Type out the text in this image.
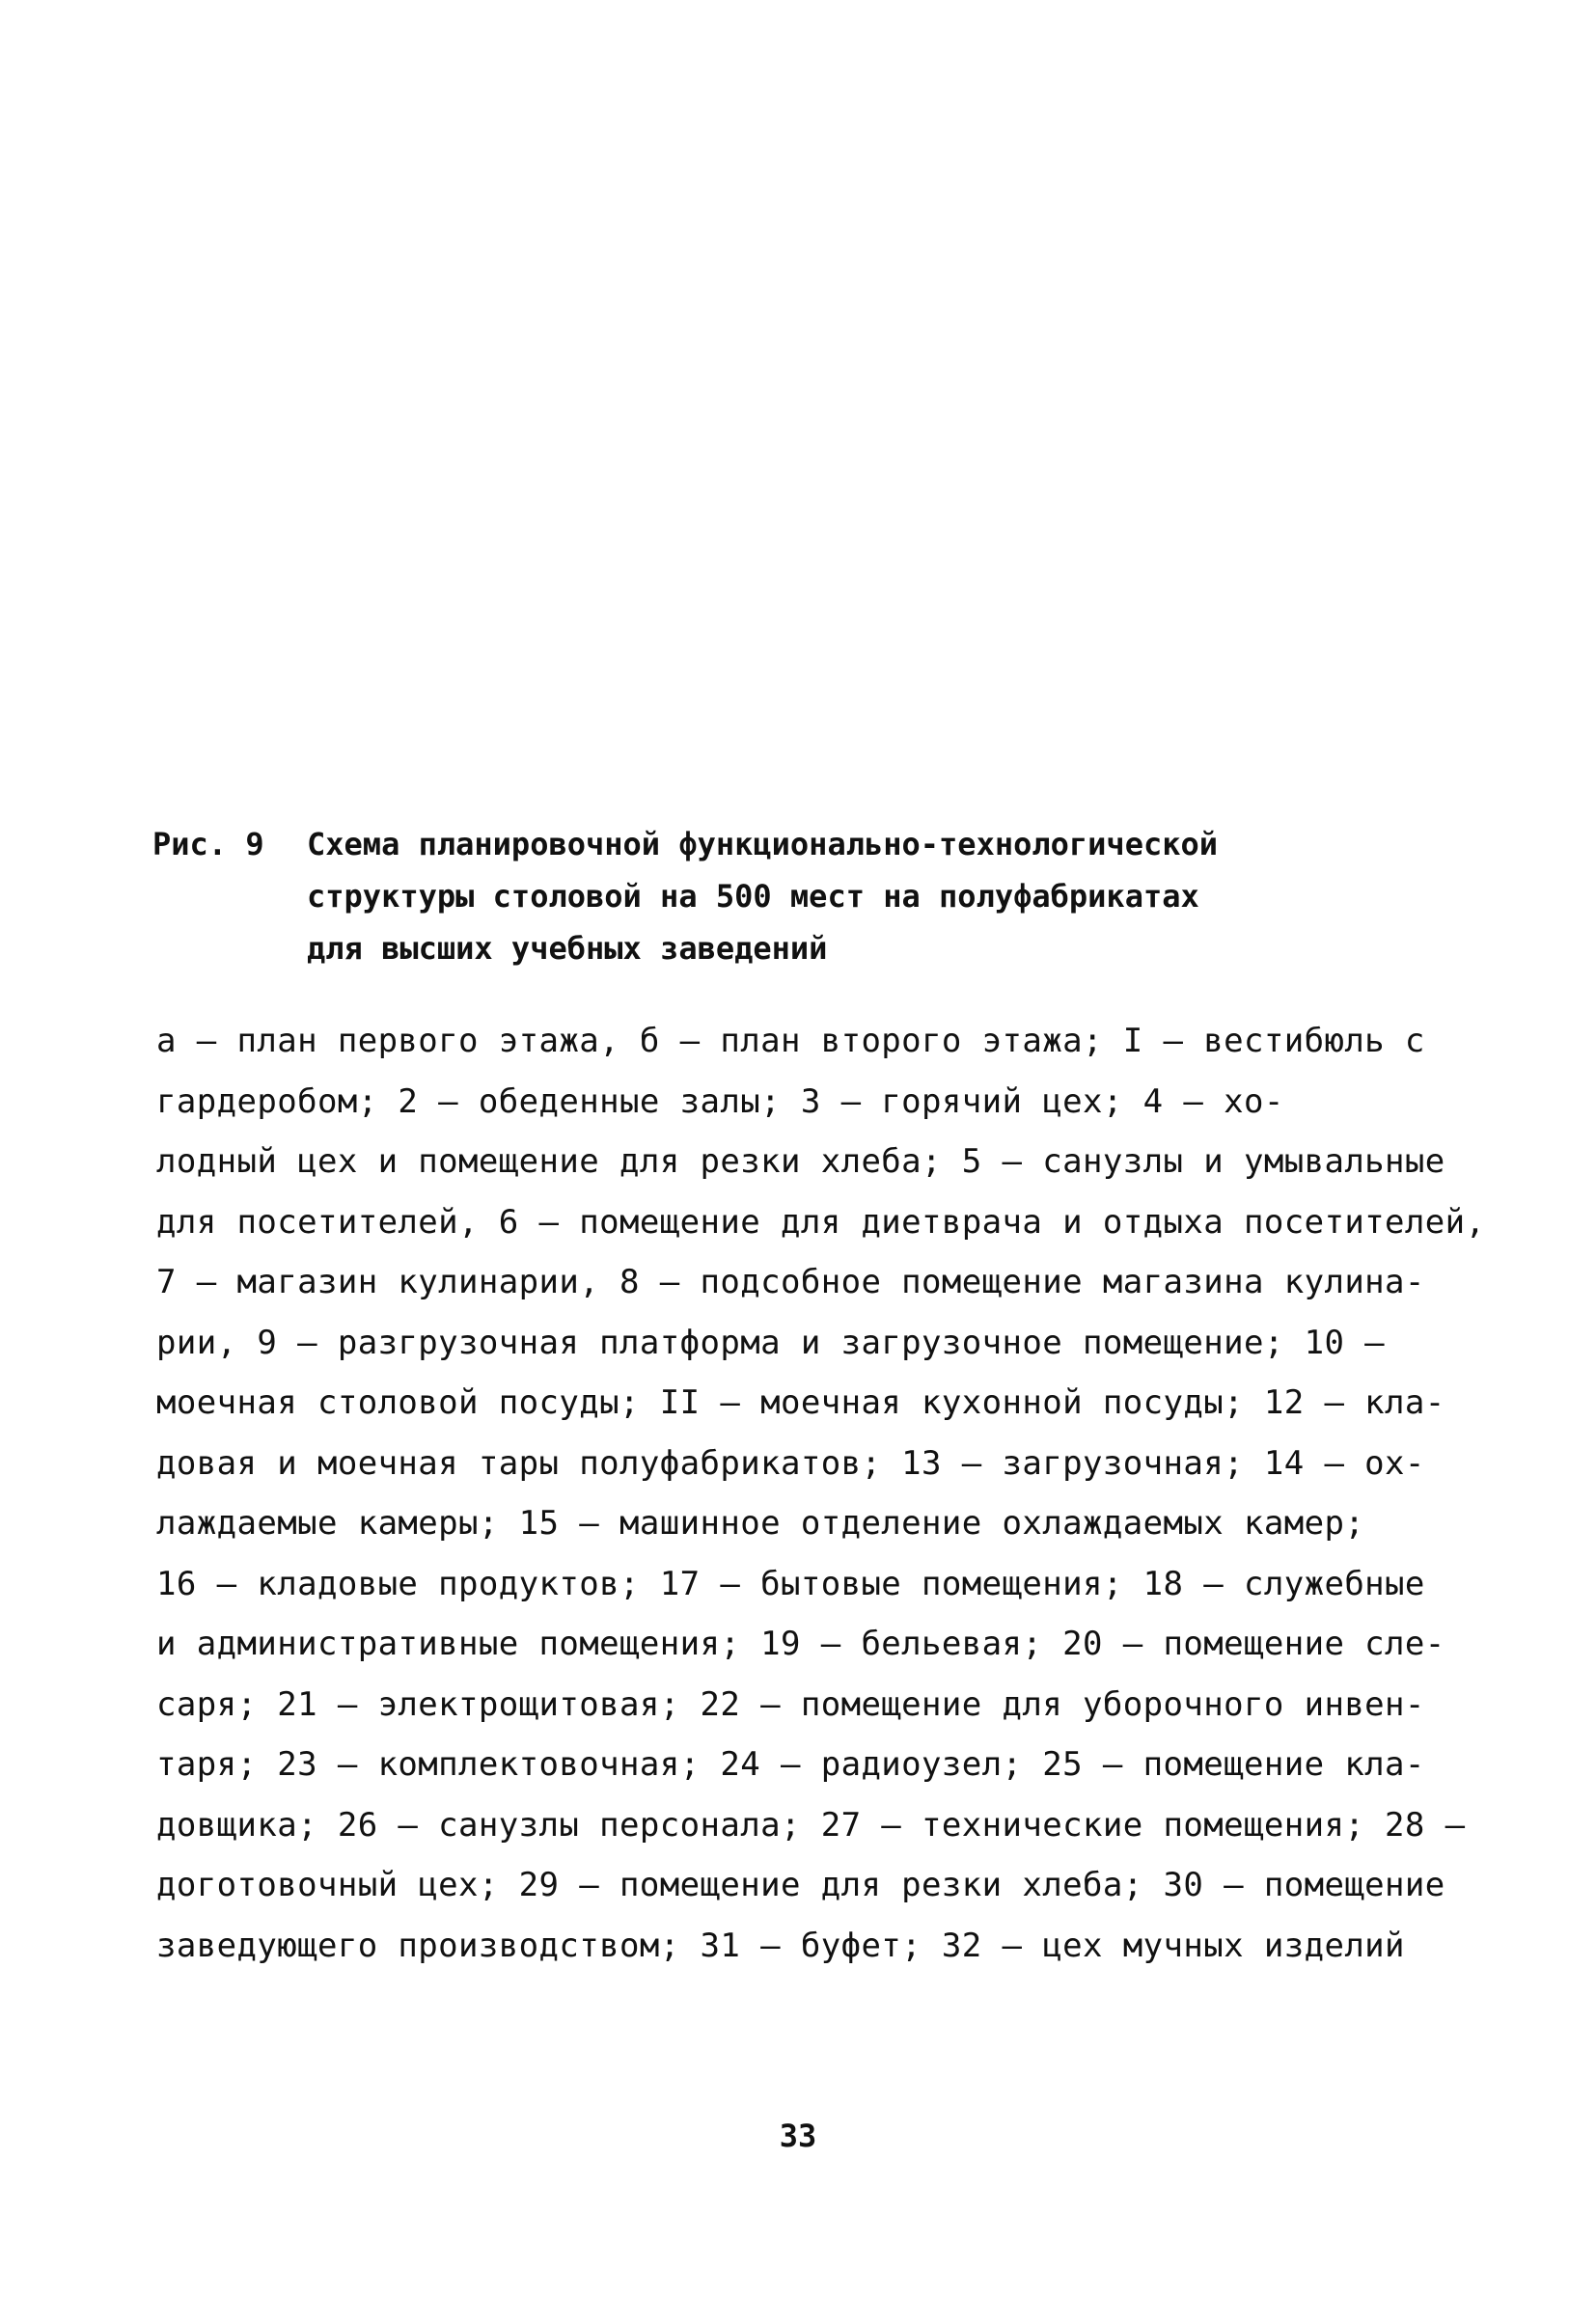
Рис. 9	Схема планировочной функционально-технологической
структуры столовой на 500 мест на полуфабрикатах
для высших учебных заведений
а – план первого этажа, б – план второго этажа; I – вестибюль с
гардеробом; 2 – обеденные залы; 3 – горячий цех; 4 – хо-
лодный цех и помещение для резки хлеба; 5 – санузлы и умывальные
для посетителей, 6 – помещение для диетврача и отдыха посетителей,
7 – магазин кулинарии, 8 – подсобное помещение магазина кулина-
рии, 9 – разгрузочная платформа и загрузочное помещение; 10 –
моечная столовой посуды; II – моечная кухонной посуды; 12 – кла-
довая и моечная тары полуфабрикатов; 13 – загрузочная; 14 – ох-
лаждаемые камеры; 15 – машинное отделение охлаждаемых камер;
16 – кладовые продуктов; 17 – бытовые помещения; 18 – служебные
и административные помещения; 19 – бельевая; 20 – помещение сле-
саря; 21 – электрощитовая; 22 – помещение для уборочного инвен-
таря; 23 – комплектовочная; 24 – радиоузел; 25 – помещение кла-
довщика; 26 – санузлы персонала; 27 – технические помещения; 28 –
доготовочный цех; 29 – помещение для резки хлеба; 30 – помещение
заведующего производством; 31 – буфет; 32 – цех мучных изделий
33
